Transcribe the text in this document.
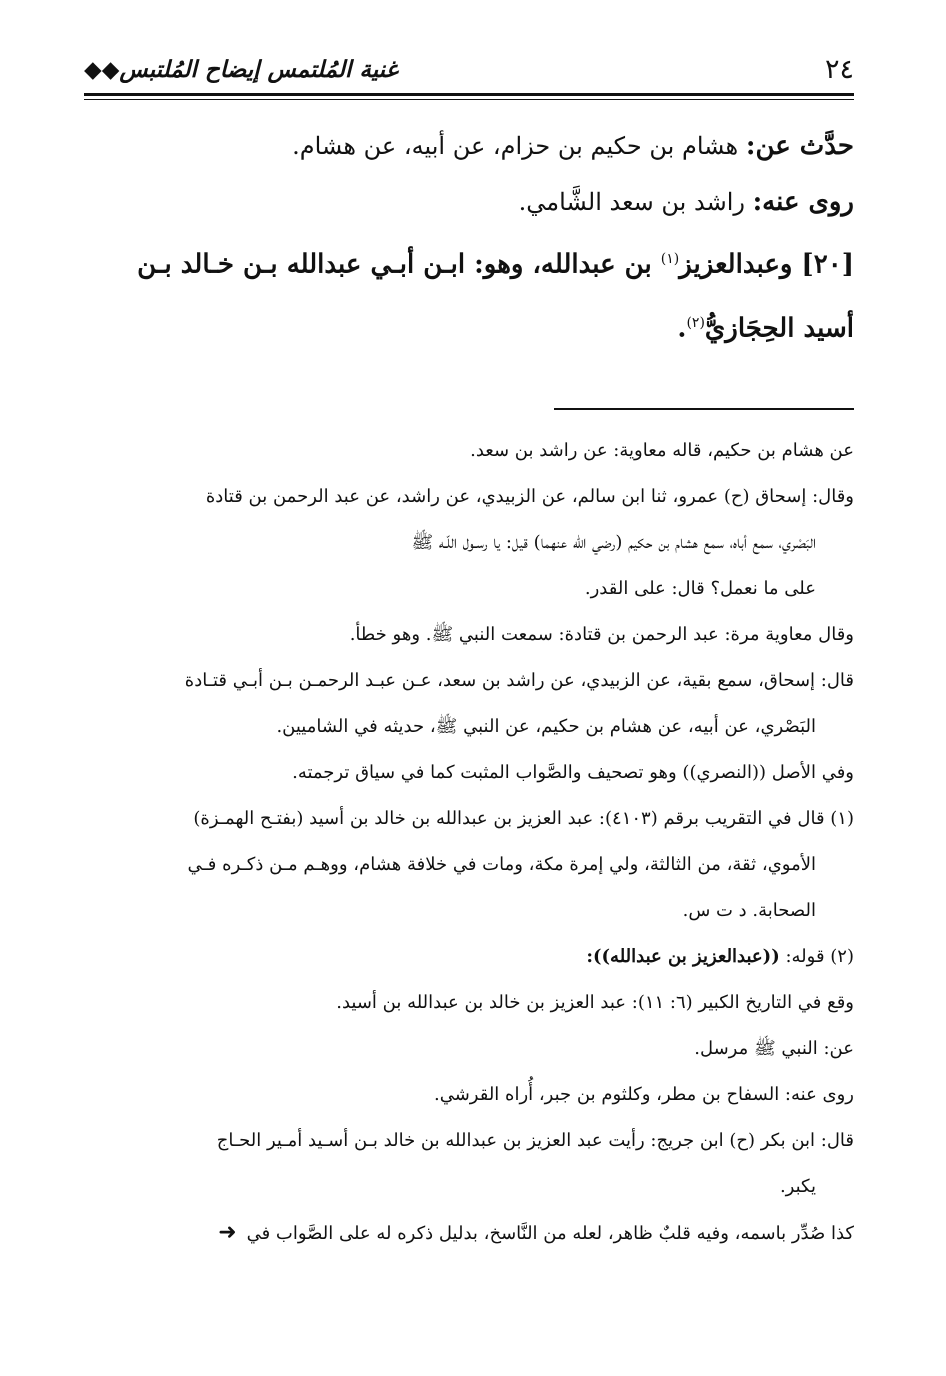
٢٤
غنية المُلتمس إيضاح المُلتبس◆◆

حدَّث عن: هشام بن حكيم بن حزام، عن أبيه، عن هشام.

روى عنه: راشد بن سعد الشَّامي.

[٢٠] وعبدالعزيز$^{(١)}$ بن عبدالله، وهو: ابـن أبـي عبدالله بـن خـالد بـن

أسيد الحِجَازيُّ$^{(٢)}$.

عن هشام بن حكيم، قاله معاوية: عن راشد بن سعد.

وقال: إسحاق (ح) عمرو، ثنا ابن سالم، عن الزبيدي، عن راشد، عن عبد الرحمن بن قتادة

البَصْري، سمع أباه، سمع هشام بن حكيم (رضي الله عنهما) قيل: يا رسـول اللّـه ﷺ

على ما نعمل؟ قال: على القدر.

وقال معاوية مرة: عبد الرحمن بن قتادة: سمعت النبي ﷺ. وهو خطأ.

قال: إسحاق، سمع بقية، عن الزبيدي، عن راشد بن سعد، عـن عبـد الرحمـن بـن أبـي قتـادة

البَصْري، عن أبيه، عن هشام بن حكيم، عن النبي ﷺ، حديثه في الشاميين.

وفي الأصل ((النصري)) وهو تصحيف والصَّواب المثبت كما في سياق ترجمته.

(١) قال في التقريب برقم (٤١٠٣): عبد العزيز بن عبدالله بن خالد بن أسيد (بفتـح الهمـزة)

الأموي، ثقة، من الثالثة، ولي إمرة مكة، ومات في خلافة هشام، ووهـم مـن ذكـره فـي

الصحابة. د ت س.

(٢) قوله: ((عبدالعزيز بن عبدالله)):

وقع في التاريخ الكبير (٦: ١١): عبد العزيز بن خالد بن عبدالله بن أسيد.

عن: النبي ﷺ مرسل.

روى عنه: السفاح بن مطر، وكلثوم بن جبر، أُراه القرشي.

قال: ابن بكر (ح) ابن جريج: رأيت عبد العزيز بن عبدالله بن خالد بـن أسـيد أمـير الحـاج

يكبر.

كذا صُدِّر باسمه، وفيه قلبٌ ظاهر، لعله من النَّاسخ، بدليل ذكره له على الصَّواب في➜
